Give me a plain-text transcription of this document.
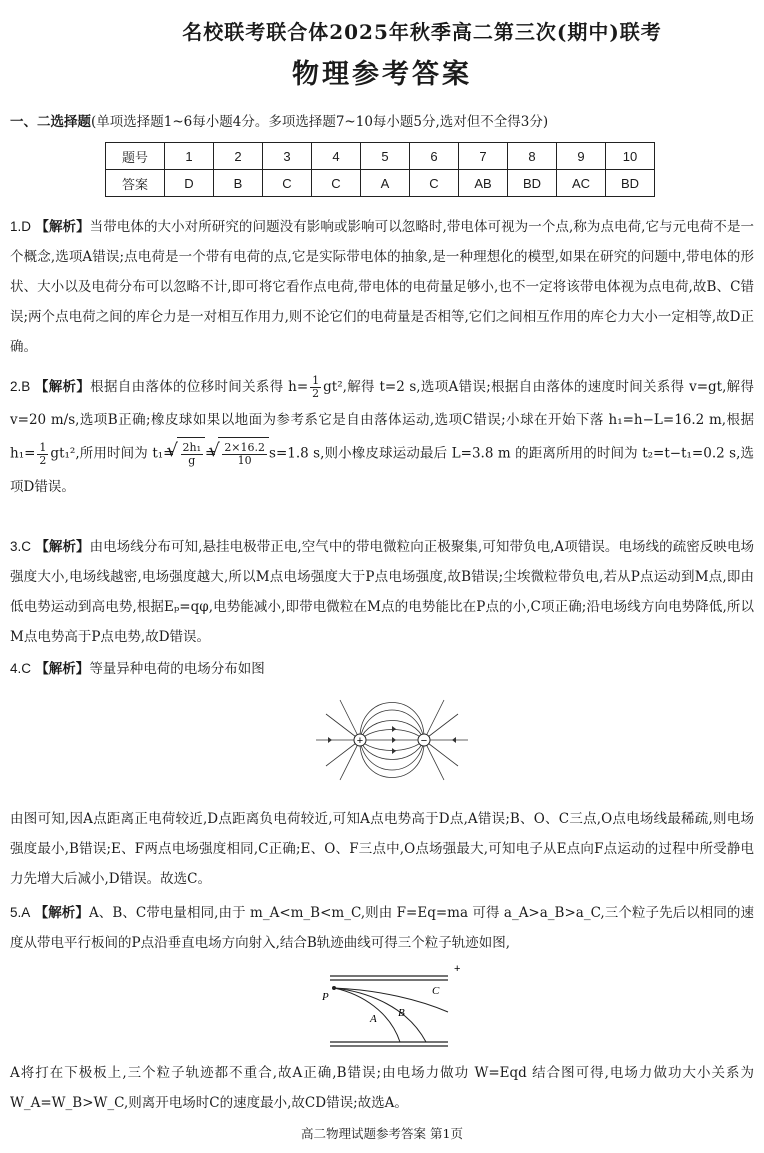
名校联考联合体2025年秋季高二第三次(期中)联考
物理参考答案
一、二选择题(单项选择题1~6每小题4分。多项选择题7~10每小题5分,选对但不全得3分)
题号	1	2	3	4	5	6	7	8	9	10
答案	D	B	C	C	A	C	AB	BD	AC	BD
1.D 【解析】当带电体的大小对所研究的问题没有影响或影响可以忽略时,带电体可视为一个点,称为点电荷,它与元电荷不是一个概念,选项A错误;点电荷是一个带有电荷的点,它是实际带电体的抽象,是一种理想化的模型,如果在研究的问题中,带电体的形状、大小以及电荷分布可以忽略不计,即可将它看作点电荷,带电体的电荷量足够小,也不一定将该带电体视为点电荷,故B、C错误;两个点电荷之间的库仑力是一对相互作用力,则不论它们的电荷量是否相等,它们之间相互作用的库仑力大小一定相等,故D正确。
2.B 【解析】根据自由落体的位移时间关系得 $h= \frac{1}{2} gt^2$,解得 t=2 s,选项A错误;根据自由落体的速度时间关系得 v=gt,解得 v=20 m/s,选项B正确;橡皮球如果以地面为参考系它是自由落体运动,选项C错误;小球在开始下落 h₁=h−L=16.2 m,根据 $h_1= \frac{1}{2} gt_1^2$,所用时间为 t₁= √ $\frac{\text{2h₁}}{g}$ = √ $\frac{2\times 16.2}{10} s=1.8$ s,则小橡皮球运动最后 L=3.8 m 的距离所用的时间为 t₂=t−t₁=0.2 s,选项D错误。
3.C 【解析】由电场线分布可知,悬挂电极带正电,空气中的带电微粒向正极聚集,可知带负电,A项错误。电场线的疏密反映电场强度大小,电场线越密,电场强度越大,所以M点电场强度大于P点电场强度,故B错误;尘埃微粒带负电,若从P点运动到M点,即由低电势运动到高电势,根据Eₚ=qφ,电势能减小,即带电微粒在M点的电势能比在P点的小,C项正确;沿电场线方向电势降低,所以M点电势高于P点电势,故D错误。
4.C 【解析】等量异种电荷的电场分布如图
+	−
由图可知,因A点距离正电荷较近,D点距离负电荷较近,可知A点电势高于D点,A错误;B、O、C三点,O点电场线最稀疏,则电场强度最小,B错误;E、F两点电场强度相同,C正确;E、O、F三点中,O点场强最大,可知电子从E点向F点运动的过程中所受静电力先增大后减小,D错误。故选C。
5.A 【解析】A、B、C带电量相同,由于 m_A<m_B<m_C,则由 F=Eq=ma 可得 a_A>a_B>a_C,三个粒子先后以相同的速度从带电平行板间的P点沿垂直电场方向射入,结合B轨迹曲线可得三个粒子轨迹如图,
+
P
A B
C
A将打在下极板上,三个粒子轨迹都不重合,故A正确,B错误;由电场力做功 W=Eqd 结合图可得,电场力做功大小关系为 W_A=W_B>W_C,则离开电场时C的速度最小,故CD错误;故选A。
高二物理试题参考答案 第1页
